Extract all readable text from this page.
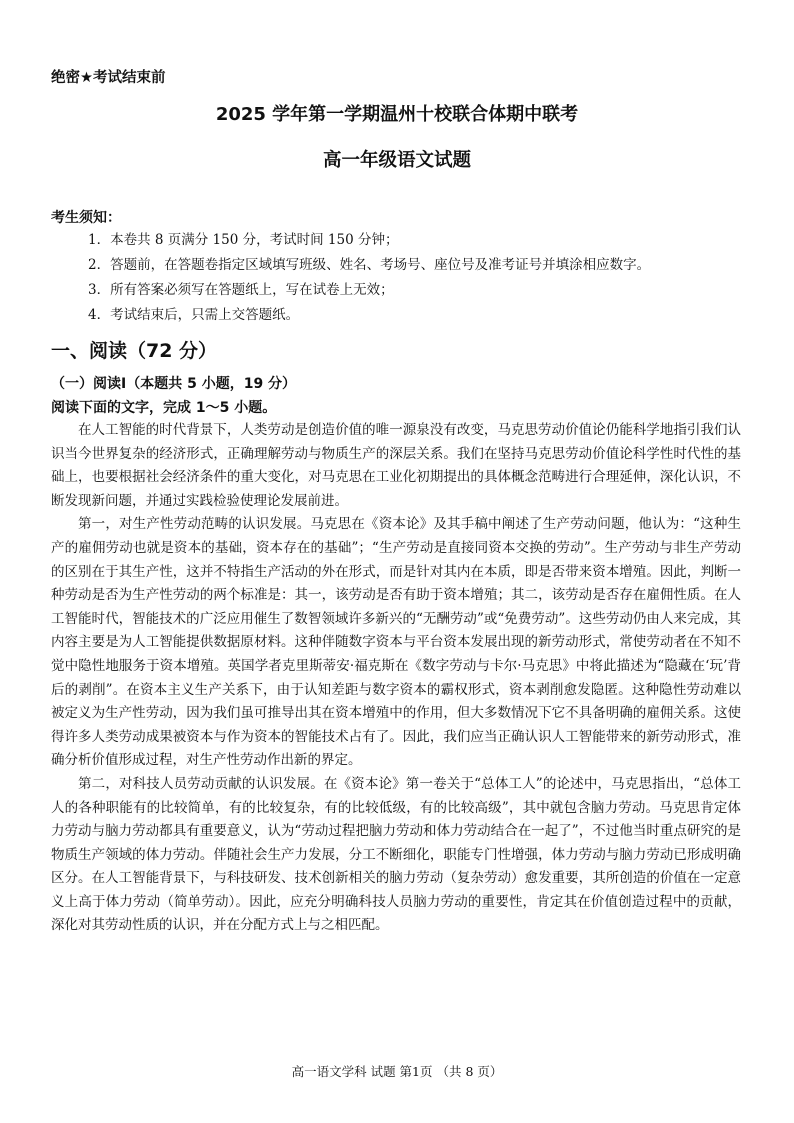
绝密★考试结束前
2025 学年第一学期温州十校联合体期中联考
高一年级语文试题
考生须知：
1．本卷共 8 页满分 150 分，考试时间 150 分钟；
2．答题前，在答题卷指定区域填写班级、姓名、考场号、座位号及准考证号并填涂相应数字。
3．所有答案必须写在答题纸上，写在试卷上无效；
4．考试结束后，只需上交答题纸。
一、阅读（72 分）
（一）阅读Ⅰ（本题共 5 小题，19 分）
阅读下面的文字，完成 1～5 小题。

在人工智能的时代背景下，人类劳动是创造价值的唯一源泉没有改变，马克思劳动价值论仍能科学地指引我们认识当今世界复杂的经济形式，正确理解劳动与物质生产的深层关系。我们在坚持马克思劳动价值论科学性时代性的基础上，也要根据社会经济条件的重大变化，对马克思在工业化初期提出的具体概念范畴进行合理延伸，深化认识，不断发现新问题，并通过实践检验使理论发展前进。

第一，对生产性劳动范畴的认识发展。马克思在《资本论》及其手稿中阐述了生产劳动问题，他认为：“这种生产的雇佣劳动也就是资本的基础，资本存在的基础”；“生产劳动是直接同资本交换的劳动”。生产劳动与非生产劳动的区别在于其生产性，这并不特指生产活动的外在形式，而是针对其内在本质，即是否带来资本增殖。因此，判断一种劳动是否为生产性劳动的两个标准是：其一，该劳动是否有助于资本增殖；其二，该劳动是否存在雇佣性质。在人工智能时代，智能技术的广泛应用催生了数智领域许多新兴的“无酬劳动”或“免费劳动”。这些劳动仍由人来完成，其内容主要是为人工智能提供数据原材料。这种伴随数字资本与平台资本发展出现的新劳动形式，常使劳动者在不知不觉中隐性地服务于资本增殖。英国学者克里斯蒂安·福克斯在《数字劳动与卡尔·马克思》中将此描述为“隐藏在‘玩’背后的剥削”。在资本主义生产关系下，由于认知差距与数字资本的霸权形式，资本剥削愈发隐匿。这种隐性劳动难以被定义为生产性劳动，因为我们虽可推导出其在资本增殖中的作用，但大多数情况下它不具备明确的雇佣关系。这使得许多人类劳动成果被资本与作为资本的智能技术占有了。因此，我们应当正确认识人工智能带来的新劳动形式，准确分析价值形成过程，对生产性劳动作出新的界定。

第二，对科技人员劳动贡献的认识发展。在《资本论》第一卷关于“总体工人”的论述中，马克思指出，“总体工人的各种职能有的比较简单，有的比较复杂，有的比较低级，有的比较高级”，其中就包含脑力劳动。马克思肯定体力劳动与脑力劳动都具有重要意义，认为“劳动过程把脑力劳动和体力劳动结合在一起了”，不过他当时重点研究的是物质生产领域的体力劳动。伴随社会生产力发展，分工不断细化，职能专门性增强，体力劳动与脑力劳动已形成明确区分。在人工智能背景下，与科技研发、技术创新相关的脑力劳动（复杂劳动）愈发重要，其所创造的价值在一定意义上高于体力劳动（简单劳动）。因此，应充分明确科技人员脑力劳动的重要性，肯定其在价值创造过程中的贡献，深化对其劳动性质的认识，并在分配方式上与之相匹配。

高一语文学科 试题 第1页 （共 8 页）
